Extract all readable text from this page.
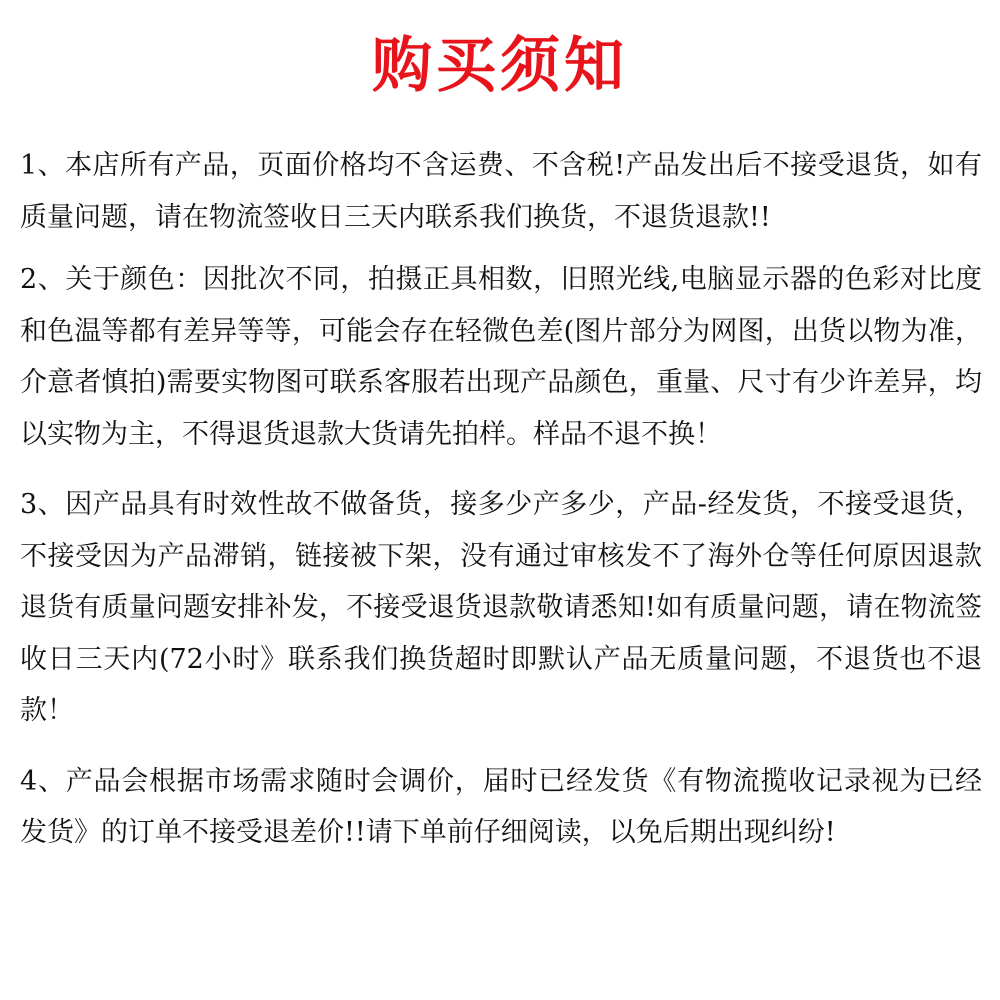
购买须知

1、本店所有产品，页面价格均不含运费、不含税!产品发出后不接受退货，如有质量问题，请在物流签收日三天内联系我们换货，不退货退款!!

2、关于颜色：因批次不同，拍摄正具相数，旧照光线,电脑显示器的色彩对比度和色温等都有差异等等，可能会存在轻微色差(图片部分为网图，出货以物为准，介意者慎拍)需要实物图可联系客服若出现产品颜色，重量、尺寸有少许差异，均以实物为主，不得退货退款大货请先拍样。样品不退不换！

3、因产品具有时效性故不做备货，接多少产多少，产品-经发货，不接受退货，不接受因为产品滞销，链接被下架，没有通过审核发不了海外仓等任何原因退款退货有质量问题安排补发，不接受退货退款敬请悉知!如有质量问题，请在物流签收日三天内(72小时》联系我们换货超时即默认产品无质量问题，不退货也不退款！

4、产品会根据市场需求随时会调价，届时已经发货《有物流揽收记录视为已经发货》的订单不接受退差价!!请下单前仔细阅读，以免后期出现纠纷!
